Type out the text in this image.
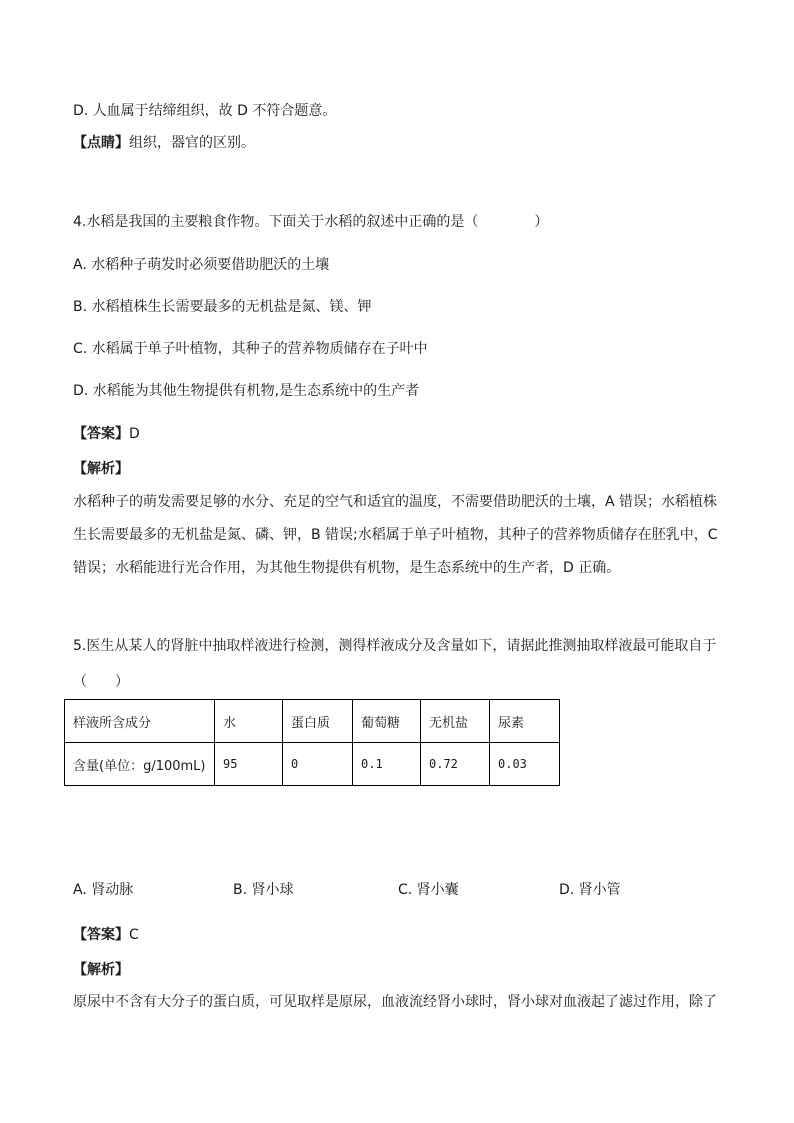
D. 人血属于结缔组织，故 D 不符合题意。
【点睛】组织，器官的区别。
4.水稻是我国的主要粮食作物。下面关于水稻的叙述中正确的是（　　　　）
A. 水稻种子萌发时必须要借助肥沃的土壤
B. 水稻植株生长需要最多的无机盐是氮、镁、钾
C. 水稻属于单子叶植物，其种子的营养物质储存在子叶中
D. 水稻能为其他生物提供有机物,是生态系统中的生产者
【答案】D
【解析】
水稻种子的萌发需要足够的水分、充足的空气和适宜的温度，不需要借助肥沃的土壤，A 错误；水稻植株
生长需要最多的无机盐是氮、磷、钾，B 错误;水稻属于单子叶植物，其种子的营养物质储存在胚乳中，C
错误；水稻能进行光合作用，为其他生物提供有机物，是生态系统中的生产者，D 正确。
5.医生从某人的肾脏中抽取样液进行检测，测得样液成分及含量如下，请据此推测抽取样液最可能取自于
（　　）
样液所含成分	水	蛋白质	葡萄糖	无机盐	尿素
含量(单位：g/100mL)	95	0	0.1	0.72	0.03
A. 肾动脉	B. 肾小球	C. 肾小囊	D. 肾小管
【答案】C
【解析】
原尿中不含有大分子的蛋白质，可见取样是原尿，血液流经肾小球时，肾小球对血液起了滤过作用，除了
